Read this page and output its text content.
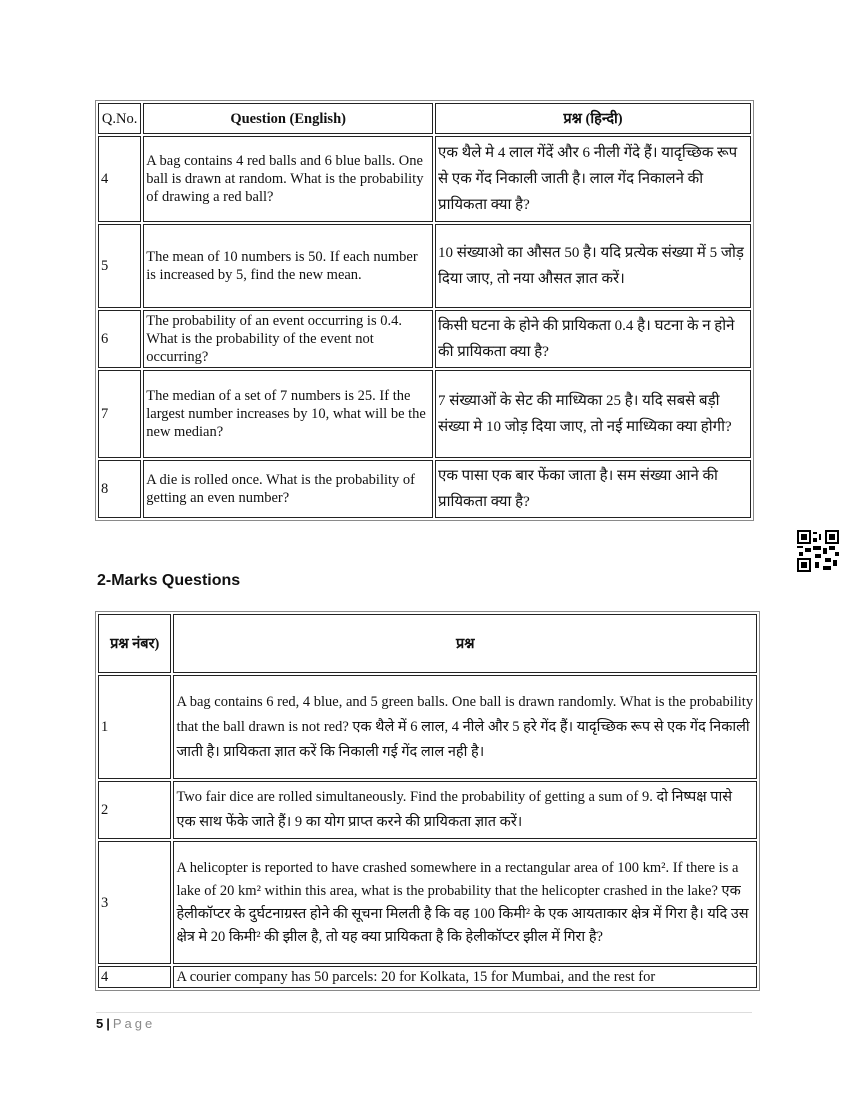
Q.No.	Question (English)	प्रश्न (हिन्दी)
4	A bag contains 4 red balls and 6 blue balls. One ball is drawn at random. What is the probability of drawing a red ball?	एक थैले मे 4 लाल गेंदें और 6 नीली गेंदे हैं। यादृच्छिक रूप से एक गेंद निकाली जाती है। लाल गेंद निकालने की प्रायिकता क्या है?
5	The mean of 10 numbers is 50. If each number is increased by 5, find the new mean.	10 संख्याओ का औसत 50 है। यदि प्रत्येक संख्या में 5 जोड़ दिया जाए, तो नया औसत ज्ञात करें।
6	The probability of an event occurring is 0.4. What is the probability of the event not occurring?	किसी घटना के होने की प्रायिकता 0.4 है। घटना के न होने की प्रायिकता क्या है?
7	The median of a set of 7 numbers is 25. If the largest number increases by 10, what will be the new median?	7 संख्याओं के सेट की माध्यिका 25 है। यदि सबसे बड़ी संख्या मे 10 जोड़ दिया जाए, तो नई माध्यिका क्या होगी?
8	A die is rolled once. What is the probability of getting an even number?	एक पासा एक बार फेंका जाता है। सम संख्या आने की प्रायिकता क्या है?
2-Marks Questions
प्रश्न नंबर)	प्रश्न
1	A bag contains 6 red, 4 blue, and 5 green balls. One ball is drawn randomly. What is the probability that the ball drawn is not red? एक थैले में 6 लाल, 4 नीले और 5 हरे गेंद हैं। यादृच्छिक रूप से एक गेंद निकाली जाती है। प्रायिकता ज्ञात करें कि निकाली गई गेंद लाल नही है।
2	Two fair dice are rolled simultaneously. Find the probability of getting a sum of 9. दो निष्पक्ष पासे एक साथ फेंके जाते हैं। 9 का योग प्राप्त करने की प्रायिकता ज्ञात करें।
3	A helicopter is reported to have crashed somewhere in a rectangular area of 100 km². If there is a lake of 20 km² within this area, what is the probability that the helicopter crashed in the lake? एक हेलीकॉप्टर के दुर्घटनाग्रस्त होने की सूचना मिलती है कि वह 100 किमी² के एक आयताकार क्षेत्र में गिरा है। यदि उस क्षेत्र मे 20 किमी² की झील है, तो यह क्या प्रायिकता है कि हेलीकॉप्टर झील में गिरा है?
4	A courier company has 50 parcels: 20 for Kolkata, 15 for Mumbai, and the rest for
5 | Page
